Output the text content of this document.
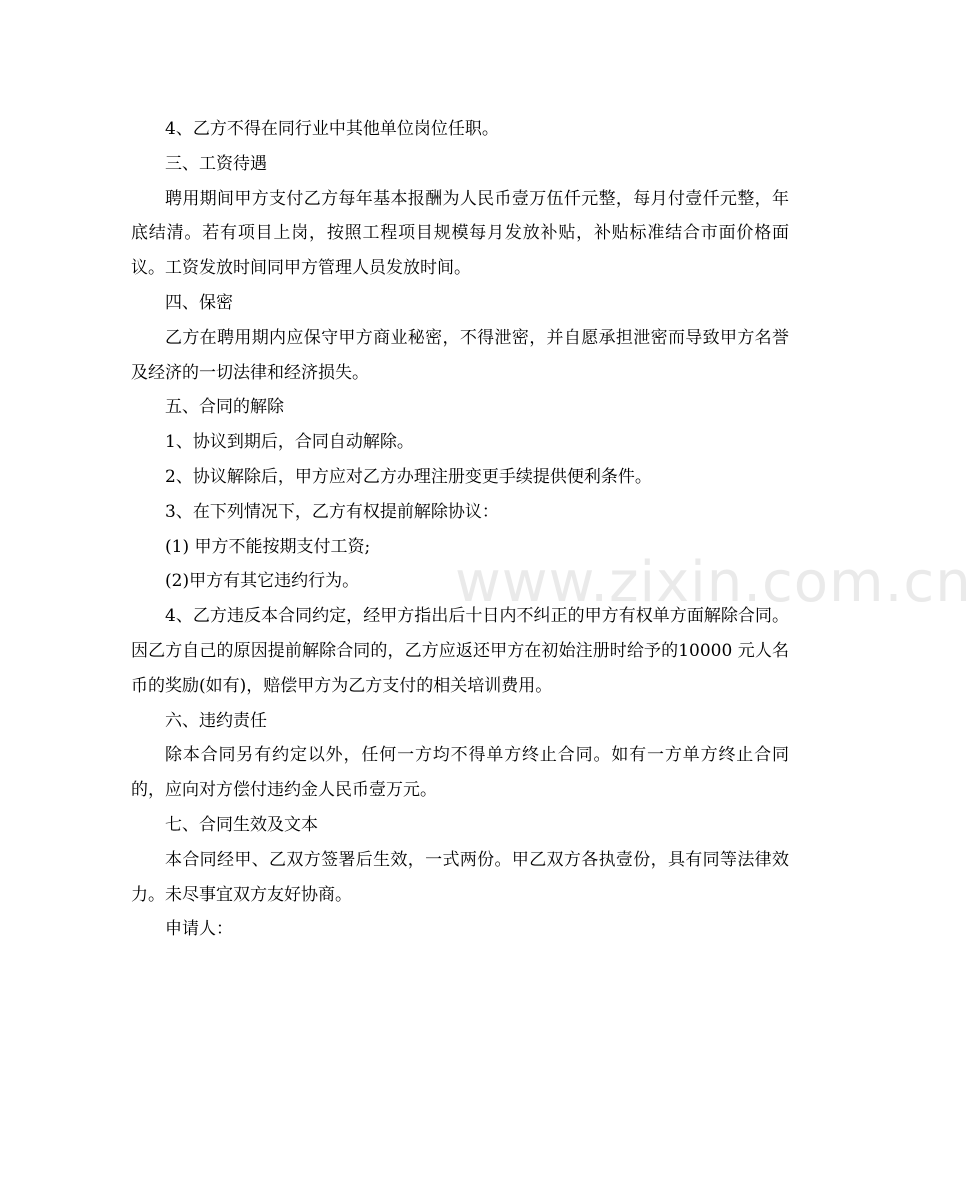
4、乙方不得在同行业中其他单位岗位任职。

三、工资待遇

聘用期间甲方支付乙方每年基本报酬为人民币壹万伍仟元整，每月付壹仟元整，年底结清。若有项目上岗，按照工程项目规模每月发放补贴，补贴标准结合市面价格面议。工资发放时间同甲方管理人员发放时间。

四、保密

乙方在聘用期内应保守甲方商业秘密，不得泄密，并自愿承担泄密而导致甲方名誉及经济的一切法律和经济损失。

五、合同的解除

1、协议到期后，合同自动解除。

2、协议解除后，甲方应对乙方办理注册变更手续提供便利条件。

3、在下列情况下，乙方有权提前解除协议：

(1) 甲方不能按期支付工资;

(2)甲方有其它违约行为。

4、乙方违反本合同约定，经甲方指出后十日内不纠正的甲方有权单方面解除合同。因乙方自己的原因提前解除合同的，乙方应返还甲方在初始注册时给予的10000 元人名币的奖励(如有)，赔偿甲方为乙方支付的相关培训费用。

六、违约责任

除本合同另有约定以外，任何一方均不得单方终止合同。如有一方单方终止合同的，应向对方偿付违约金人民币壹万元。

七、合同生效及文本

本合同经甲、乙双方签署后生效，一式两份。甲乙双方各执壹份，具有同等法律效力。未尽事宜双方友好协商。

申请人：

www.zixin.com.cn
